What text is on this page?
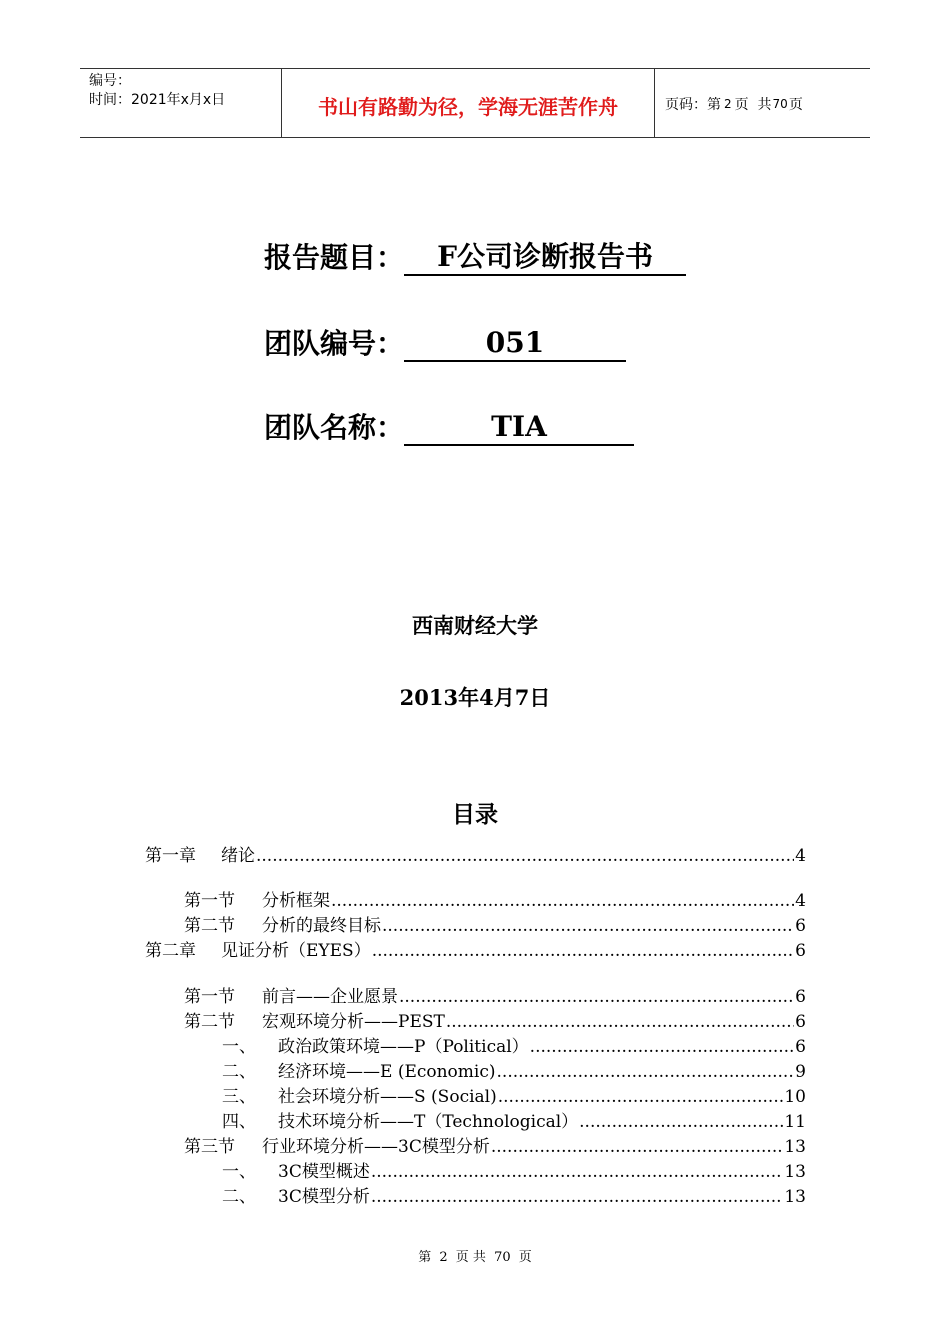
编号：
时间：2021年x月x日	书山有路勤为径，学海无涯苦作舟	页码：第 2 页  共 70 页
报告题目：	F公司诊断报告书
团队编号：	051
团队名称：	TIA
西南财经大学
2013年4月7日
目录
第一章	绪论 .....	4
第一节	分析框架 .....	4
第二节	分析的最终目标 .....	6
第二章	见证分析（EYES） .....	6
第一节	前言——企业愿景 .....	6
第二节	宏观环境分析——PEST .....	6
一、	政治政策环境——P（Political） .....	6
二、	经济环境——E (Economic) .....	9
三、	社会环境分析——S (Social) .....	10
四、	技术环境分析——T（Technological） .....	11
第三节	行业环境分析——3C模型分析 .....	13
一、	3C模型概述 .....	13
二、	3C模型分析 .....	13
第 2 页 共 70 页
